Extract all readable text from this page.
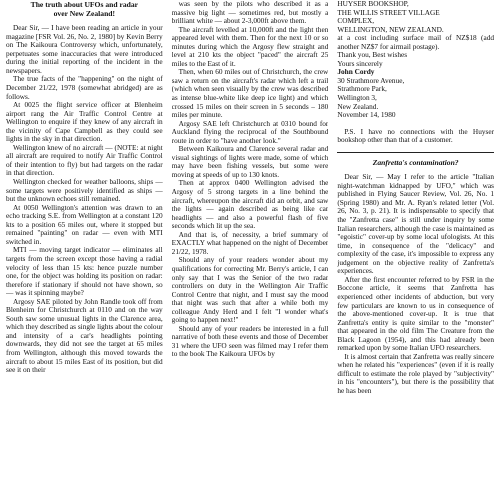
The truth about UFOs and radar
over New Zealand!

Dear Sir, — I have been reading an article in your magazine [FSR Vol. 26, No. 2, 1980] by Kevin Berry on The Kaikoura Controversy which, unfortunately, perpetuates some inaccuracies that were introduced during the initial reporting of the incident in the newspapers.

The true facts of the "happening" on the night of December 21/22, 1978 (somewhat abridged) are as follows.

At 0025 the flight service officer at Blenheim airport rang the Air Traffic Control Centre at Wellington to enquire if they knew of any aircraft in the vicinity of Cape Campbell as they could see lights in the sky in that direction.

Wellington knew of no aircraft — (NOTE: at night all aircraft are required to notify Air Traffic Control of their intention to fly) but had targets on the radar in that direction.

Wellington checked for weather balloons, ships — some targets were positively identified as ships — but the unknown echoes still remained.

At 0050 Wellington's attention was drawn to an echo tracking S.E. from Wellington at a constant 120 kts to a position 65 miles out, where it stopped but remained "painting" on radar — even with MTI switched in.

MTI — moving target indicator — eliminates all targets from the screen except those having a radial velocity of less than 15 kts: hence puzzle number one, for the object was holding its position on radar: therefore if stationary if should not have shown, so — was it spinning maybe?

Argosy SAE piloted by John Randle took off from Blenheim for Christchurch at 0110 and on the way South saw some unusual lights in the Clarence area, which they described as single lights about the colour and intensity of a car's headlights pointing downwards, they did not see the target at 65 miles from Wellington, although this moved towards the aircraft to about 15 miles East of its position, but did see it on their

was seen by the pilots who described it as a massive big light — sometimes red, but mostly a brilliant white — about 2-3,000ft above them.

The aircraft levelled at 10,000ft and the light then appeared level with them. Then for the next 10 or so minutes during which the Argosy flew straight and level at 210 kts the object "paced" the aircraft 25 miles to the East of it.

Then, when 60 miles out of Christchurch, the crew saw a return on the aircraft's radar which left a trail (which when seen visually by the crew was described as intense blue-white like deep ice light) and which crossed 15 miles on their screen in 5 seconds – 180 miles per minute.

Argosy SAE left Christchurch at 0310 bound for Auckland flying the reciprocal of the Southbound route in order to "have another look."

Between Kaikoura and Clarence several radar and visual sightings of lights were made, some of which may have been fishing vessels, but some were moving at speeds of up to 130 knots.

Then at approx 0400 Wellington advised the Argosy of 5 strong targets in a line behind the aircraft, whereupon the aircraft did an orbit, and saw the lights — again described as being like car headlights — and also a powerful flash of five seconds which lit up the sea.

And that is, of necessity, a brief summary of EXACTLY what happened on the night of December 21/22, 1978.

Should any of your readers wonder about my qualifications for correcting Mr. Berry's article, I can only say that I was the Senior of the two radar controllers on duty in the Wellington Air Traffic Control Centre that night, and I must say the mood that night was such that after a while both my colleague Andy Herd and I felt "I wonder what's going to happen next!"

Should any of your readers be interested in a full narrative of both these events and those of December 31 where the UFO seen was filmed may I refer them to the book The Kaikoura UFOs by

HUYSER BOOKSHOP,
THE WILLIS STREET VILLAGE
COMPLEX,
WELLINGTON, NEW ZEALAND.

at a cost including surface mail of NZ$18 (add another NZ$7 for airmail postage).

Thank you, Best wishes
Yours sincerely
John Cordy
30 Strathmore Avenue,
Strathmore Park,
Wellington 3,
New Zealand.
November 14, 1980

P.S. I have no connections with the Huyser bookshop other than that of a customer.

Zanfretta's contamination?

Dear Sir, — May I refer to the article "Italian night-watchman kidnapped by UFO," which was published in Flying Saucer Review, Vol. 26, No. 1 (Spring 1980) and Mr. A. Ryan's related letter (Vol. 26, No. 3, p. 21). It is indispensable to specify that the "Zanfretta case" is still under inquiry by some Italian researchers, although the case is maintained as "egoistic" cover-up by some local ufologists. At this time, in consequence of the "delicacy" and complexity of the case, it's impossible to express any judgement on the objective reality of Zanfretta's experiences.

After the first encounter referred to by FSR in the Boccone article, it seems that Zanfretta has experienced other incidents of abduction, but very few particulars are known to us in consequence of the above-mentioned cover-up. It is true that Zanfretta's entity is quite similar to the "monster" that appeared in the old film The Creature from the Black Lagoon (1954), and this had already been remarked upon by some Italian UFO researchers.

It is almost certain that Zanfretta was really sincere when he related his "experiences" (even if it is really difficult to estimate the role played by "subjectivity" in his "encounters"), but there is the possibility that he has been
